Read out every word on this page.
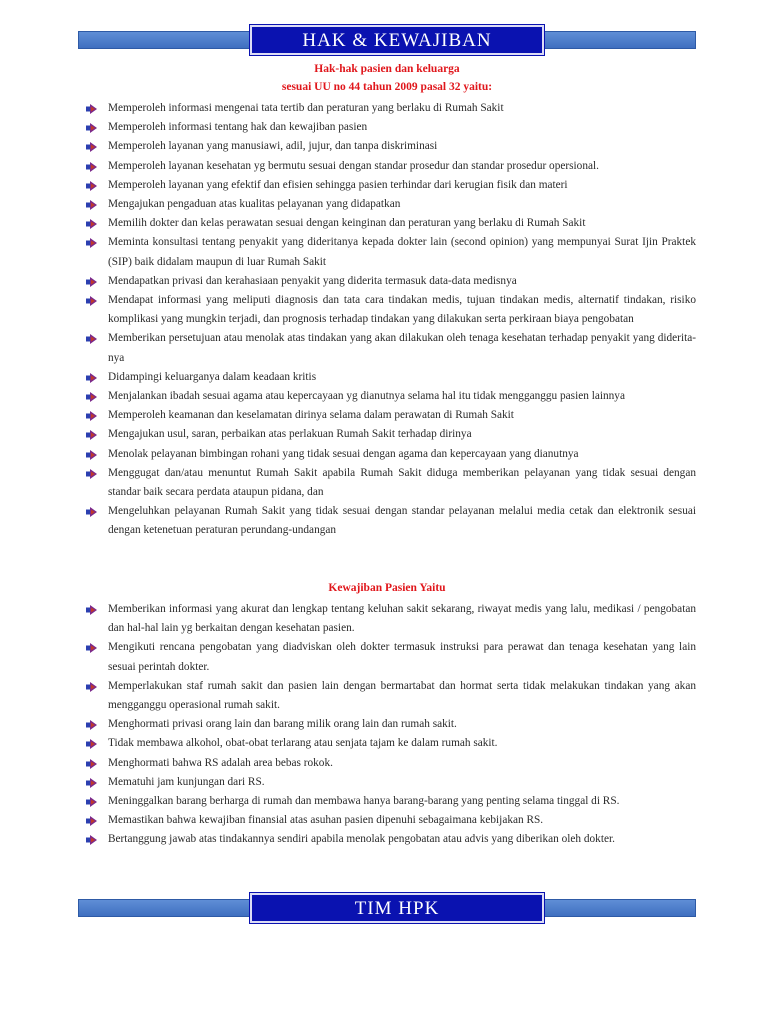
HAK & KEWAJIBAN
Hak-hak pasien dan keluarga
sesuai UU no 44 tahun 2009 pasal 32 yaitu:
Memperoleh informasi mengenai tata tertib dan peraturan yang berlaku di Rumah Sakit
Memperoleh informasi tentang hak dan kewajiban pasien
Memperoleh layanan yang manusiawi, adil, jujur, dan tanpa diskriminasi
Memperoleh layanan kesehatan yg bermutu sesuai dengan standar prosedur dan standar prosedur opersional.
Memperoleh layanan yang efektif dan efisien sehingga pasien terhindar dari kerugian fisik dan materi
Mengajukan pengaduan atas kualitas pelayanan yang didapatkan
Memilih dokter dan kelas perawatan sesuai dengan keinginan dan peraturan yang berlaku di Rumah Sakit
Meminta konsultasi tentang penyakit yang dideritanya kepada dokter lain (second opinion) yang mempunyai Surat Ijin Praktek (SIP) baik didalam maupun di luar Rumah Sakit
Mendapatkan privasi dan kerahasiaan penyakit yang diderita termasuk data-data medisnya
Mendapat informasi yang meliputi diagnosis dan tata cara tindakan medis, tujuan tindakan medis, alternatif tindakan, risiko komplikasi yang mungkin terjadi, dan prognosis terhadap tindakan yang dilakukan serta perkiraan biaya pengobatan
Memberikan persetujuan atau menolak atas tindakan yang akan dilakukan oleh tenaga kesehatan terhadap penyakit yang diderita-nya
Didampingi keluarganya dalam keadaan kritis
Menjalankan ibadah sesuai agama atau kepercayaan yg dianutnya selama hal itu tidak mengganggu pasien lainnya
Memperoleh keamanan dan keselamatan dirinya selama dalam perawatan di Rumah Sakit
Mengajukan usul, saran, perbaikan atas perlakuan Rumah Sakit terhadap dirinya
Menolak pelayanan bimbingan rohani yang tidak sesuai dengan agama dan kepercayaan yang dianutnya
Menggugat dan/atau menuntut Rumah Sakit apabila Rumah Sakit diduga memberikan pelayanan yang tidak sesuai dengan standar baik secara perdata ataupun pidana, dan
Mengeluhkan pelayanan Rumah Sakit yang tidak sesuai dengan standar pelayanan melalui media cetak dan elektronik sesuai dengan ketenetuan peraturan perundang-undangan
Kewajiban Pasien Yaitu
Memberikan informasi yang akurat dan lengkap tentang keluhan sakit sekarang, riwayat medis yang lalu, medikasi / pengobatan dan hal-hal lain yg berkaitan dengan kesehatan pasien.
Mengikuti rencana pengobatan yang diadviskan oleh dokter termasuk instruksi para perawat dan tenaga kesehatan yang lain sesuai perintah dokter.
Memperlakukan staf rumah sakit dan pasien lain dengan bermartabat dan hormat serta tidak melakukan tindakan yang akan mengganggu operasional rumah sakit.
Menghormati privasi orang lain dan barang milik orang lain dan rumah sakit.
Tidak membawa alkohol, obat-obat terlarang atau senjata tajam ke dalam rumah sakit.
Menghormati bahwa RS adalah area bebas rokok.
Mematuhi jam kunjungan dari RS.
Meninggalkan barang berharga di rumah dan membawa hanya barang-barang yang penting selama tinggal di RS.
Memastikan bahwa kewajiban finansial atas asuhan pasien dipenuhi sebagaimana kebijakan RS.
Bertanggung jawab atas tindakannya sendiri apabila menolak pengobatan atau advis yang diberikan oleh dokter.
TIM HPK
